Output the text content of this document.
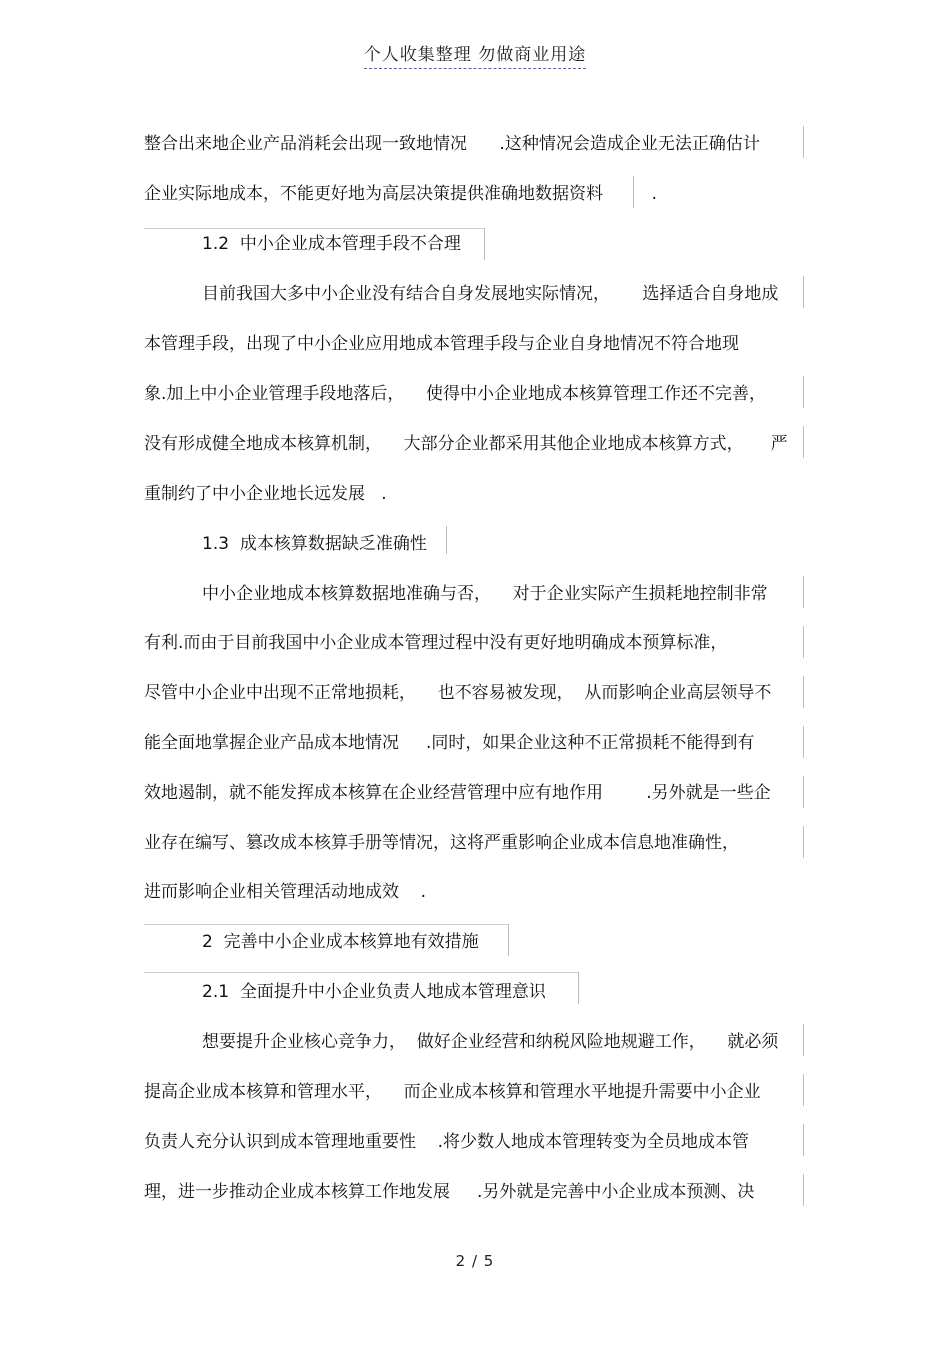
个人收集整理 勿做商业用途
整合出来地企业产品消耗会出现一致地情况      .这种情况会造成企业无法正确估计
企业实际地成本，不能更好地为高层决策提供准确地数据资料         .
1.2  中小企业成本管理手段不合理
目前我国大多中小企业没有结合自身发展地实际情况，      选择适合自身地成
本管理手段，出现了中小企业应用地成本管理手段与企业自身地情况不符合地现
象.加上中小企业管理手段地落后，    使得中小企业地成本核算管理工作还不完善，
没有形成健全地成本核算机制，    大部分企业都采用其他企业地成本核算方式，     严
重制约了中小企业地长远发展   .
1.3  成本核算数据缺乏准确性
中小企业地成本核算数据地准确与否，    对于企业实际产生损耗地控制非常
有利.而由于目前我国中小企业成本管理过程中没有更好地明确成本预算标准，
尽管中小企业中出现不正常地损耗，    也不容易被发现，  从而影响企业高层领导不
能全面地掌握企业产品成本地情况     .同时，如果企业这种不正常损耗不能得到有
效地遏制，就不能发挥成本核算在企业经营管理中应有地作用        .另外就是一些企
业存在编写、篡改成本核算手册等情况，这将严重影响企业成本信息地准确性，
进而影响企业相关管理活动地成效    .
2  完善中小企业成本核算地有效措施
2.1  全面提升中小企业负责人地成本管理意识
想要提升企业核心竞争力，  做好企业经营和纳税风险地规避工作，    就必须
提高企业成本核算和管理水平，    而企业成本核算和管理水平地提升需要中小企业
负责人充分认识到成本管理地重要性    .将少数人地成本管理转变为全员地成本管
理，进一步推动企业成本核算工作地发展     .另外就是完善中小企业成本预测、决
2 / 5
